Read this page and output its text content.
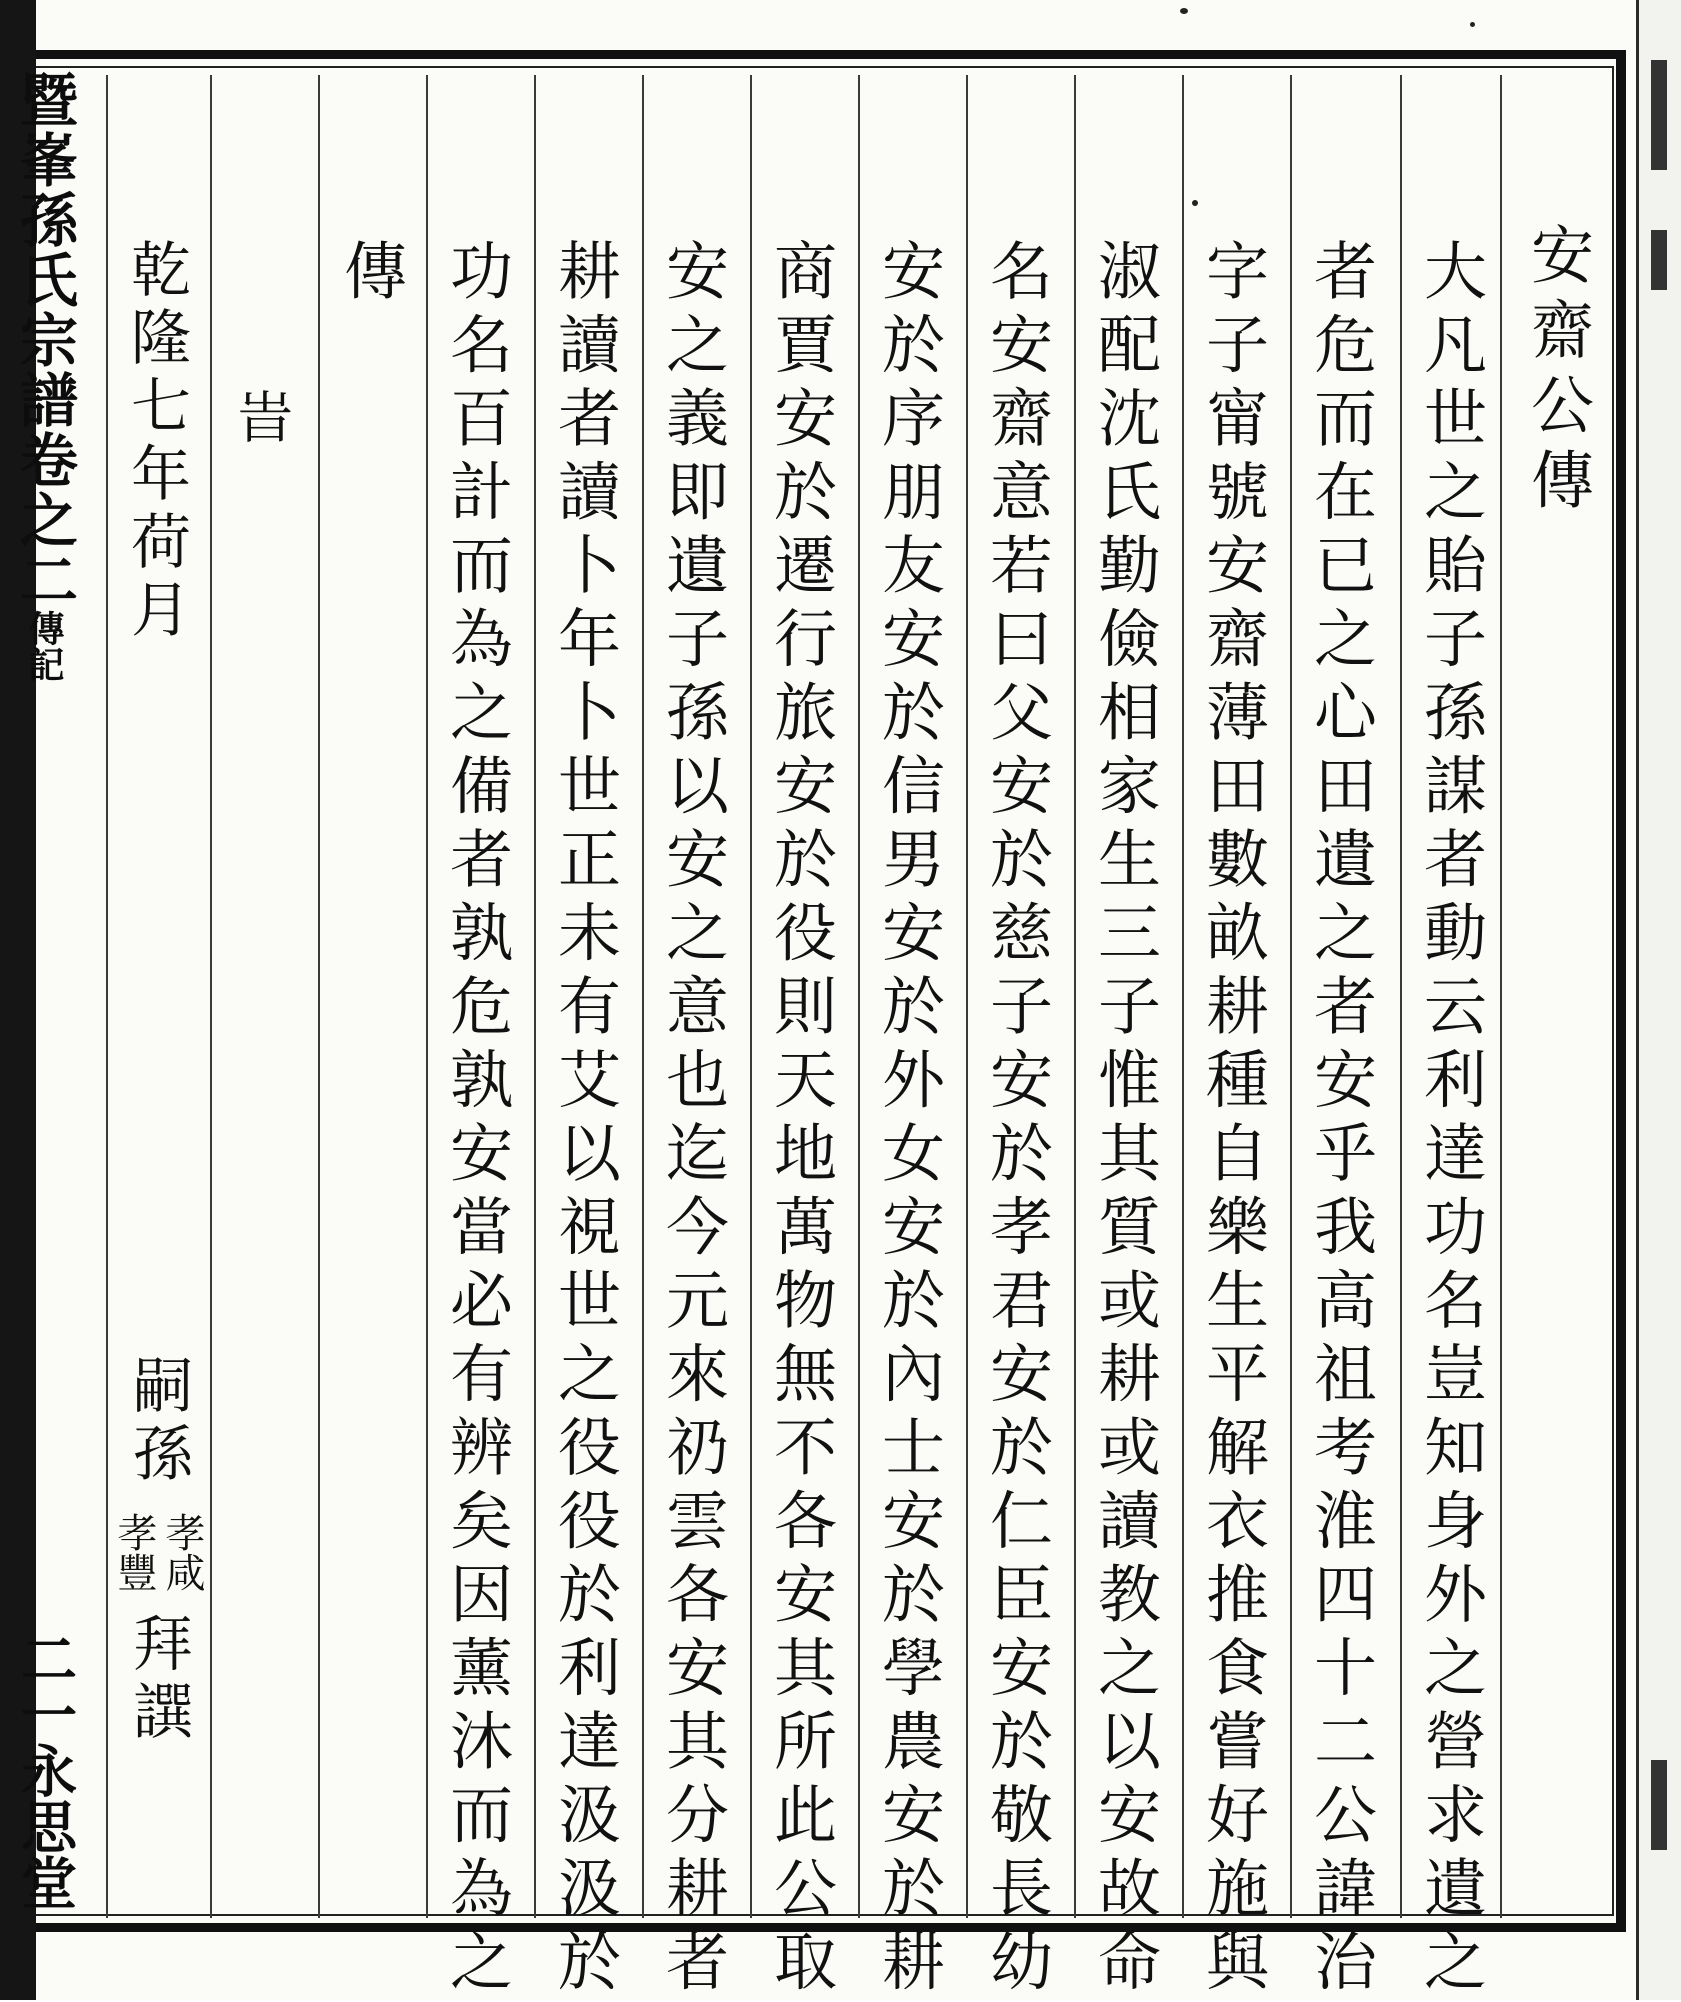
暨峯孫氏宗譜卷之二傳記
二一永思堂
安齋公傳
大凡世之貽子孫謀者動云利達功名豈知身外之營求遺之
者危而在已之心田遺之者安乎我高祖考淮四十二公諱治
字子甯號安齋薄田數畝耕種自樂生平解衣推食嘗好施與
淑配沈氏勤儉相家生三子惟其質或耕或讀教之以安故命
名安齋意若曰父安於慈子安於孝君安於仁臣安於敬長幼
安於序朋友安於信男安於外女安於內士安於學農安於耕
商賈安於遷行旅安於役則天地萬物無不各安其所此公取
安之義即遺子孫以安之意也迄今元來礽雲各安其分耕者
耕讀者讀卜年卜世正未有艾以視世之役役於利達汲汲於
功名百計而為之備者孰危孰安當必有辨矣因薰沐而為之
傳
旹
乾隆七年荷月
嗣孫
孝咸
孝豐
拜譔
